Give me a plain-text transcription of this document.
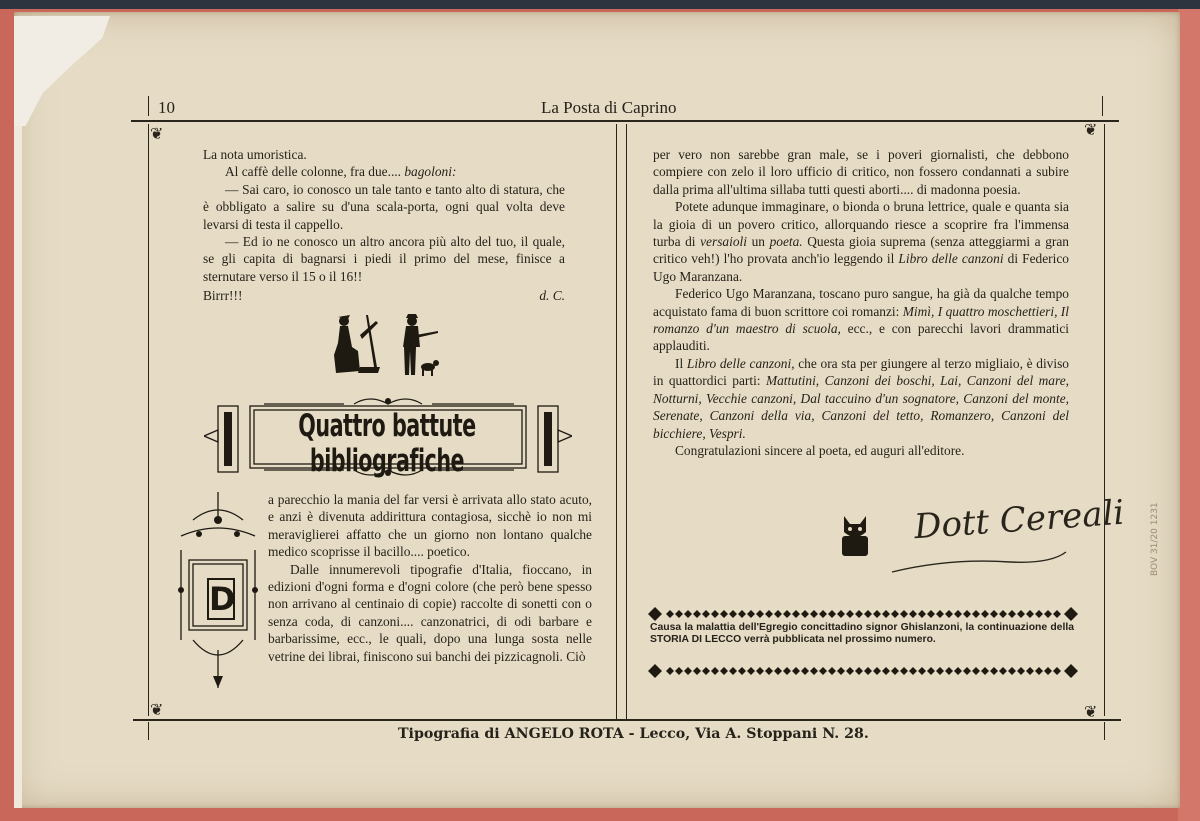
10	La Posta di Caprino
❦	❦
❦	❦

La nota umoristica.

Al caffè delle colonne, fra due.... bagoloni:

— Sai caro, io conosco un tale tanto e tanto alto di statura, che è obbligato a salire su d'una scala-porta, ogni qual volta deve levarsi di testa il cappello.

— Ed io ne conosco un altro ancora più alto del tuo, il quale, se gli capita di bagnarsi i piedi il primo del mese, finisce a sternutare verso il 15 o il 16!!

Birrr!!!	d. C.
Quattro battute bibliografiche
D

a parecchio la mania del far versi è arrivata allo stato acuto, e anzi è divenuta addirittura contagiosa, sicchè io non mi meraviglierei affatto che un giorno non lontano qualche medico scoprisse il bacillo.... poetico.

Dalle innumerevoli tipografie d'Italia, fioccano, in edizioni d'ogni forma e d'ogni colore (che però bene spesso non arrivano al centinaio di copie) raccolte di sonetti con o senza coda, di canzoni.... canzonatrici, di odi barbare e barbarissime, ecc., le quali, dopo una lunga sosta nelle vetrine dei librai, finiscono sui banchi dei pizzicagnoli. Ciò

per vero non sarebbe gran male, se i poveri giornalisti, che debbono compiere con zelo il loro ufficio di critico, non fossero condannati a subire dalla prima all'ultima sillaba tutti questi aborti.... di madonna poesia.

Potete adunque immaginare, o bionda o bruna lettrice, quale e quanta sia la gioia di un povero critico, allorquando riesce a scoprire fra l'immensa turba di versaioli un poeta. Questa gioia suprema (senza atteggiarmi a gran critico veh!) l'ho provata anch'io leggendo il Libro delle canzoni di Federico Ugo Maranzana.

Federico Ugo Maranzana, toscano puro sangue, ha già da qualche tempo acquistato fama di buon scrittore coi romanzi: Mimì, I quattro moschettieri, Il romanzo d'un maestro di scuola, ecc., e con parecchi lavori drammatici applauditi.

Il Libro delle canzoni, che ora sta per giungere al terzo migliaio, è diviso in quattordici parti: Mattutini, Canzoni dei boschi, Lai, Canzoni del mare, Notturni, Vecchie canzoni, Dal taccuino d'un sognatore, Canzoni del monte, Serenate, Canzoni della via, Canzoni del tetto, Romanzero, Canzoni del bicchiere, Vespri.

Congratulazioni sincere al poeta, ed auguri all'editore.

Dott Cereali
Causa la malattia dell'Egregio concittadino signor Ghislanzoni, la continuazione della STORIA DI LECCO verrà pubblicata nel prossimo numero.
Tipografia di ANGELO ROTA - Lecco, Via A. Stoppani N. 28.
BOV 31/20 1231
